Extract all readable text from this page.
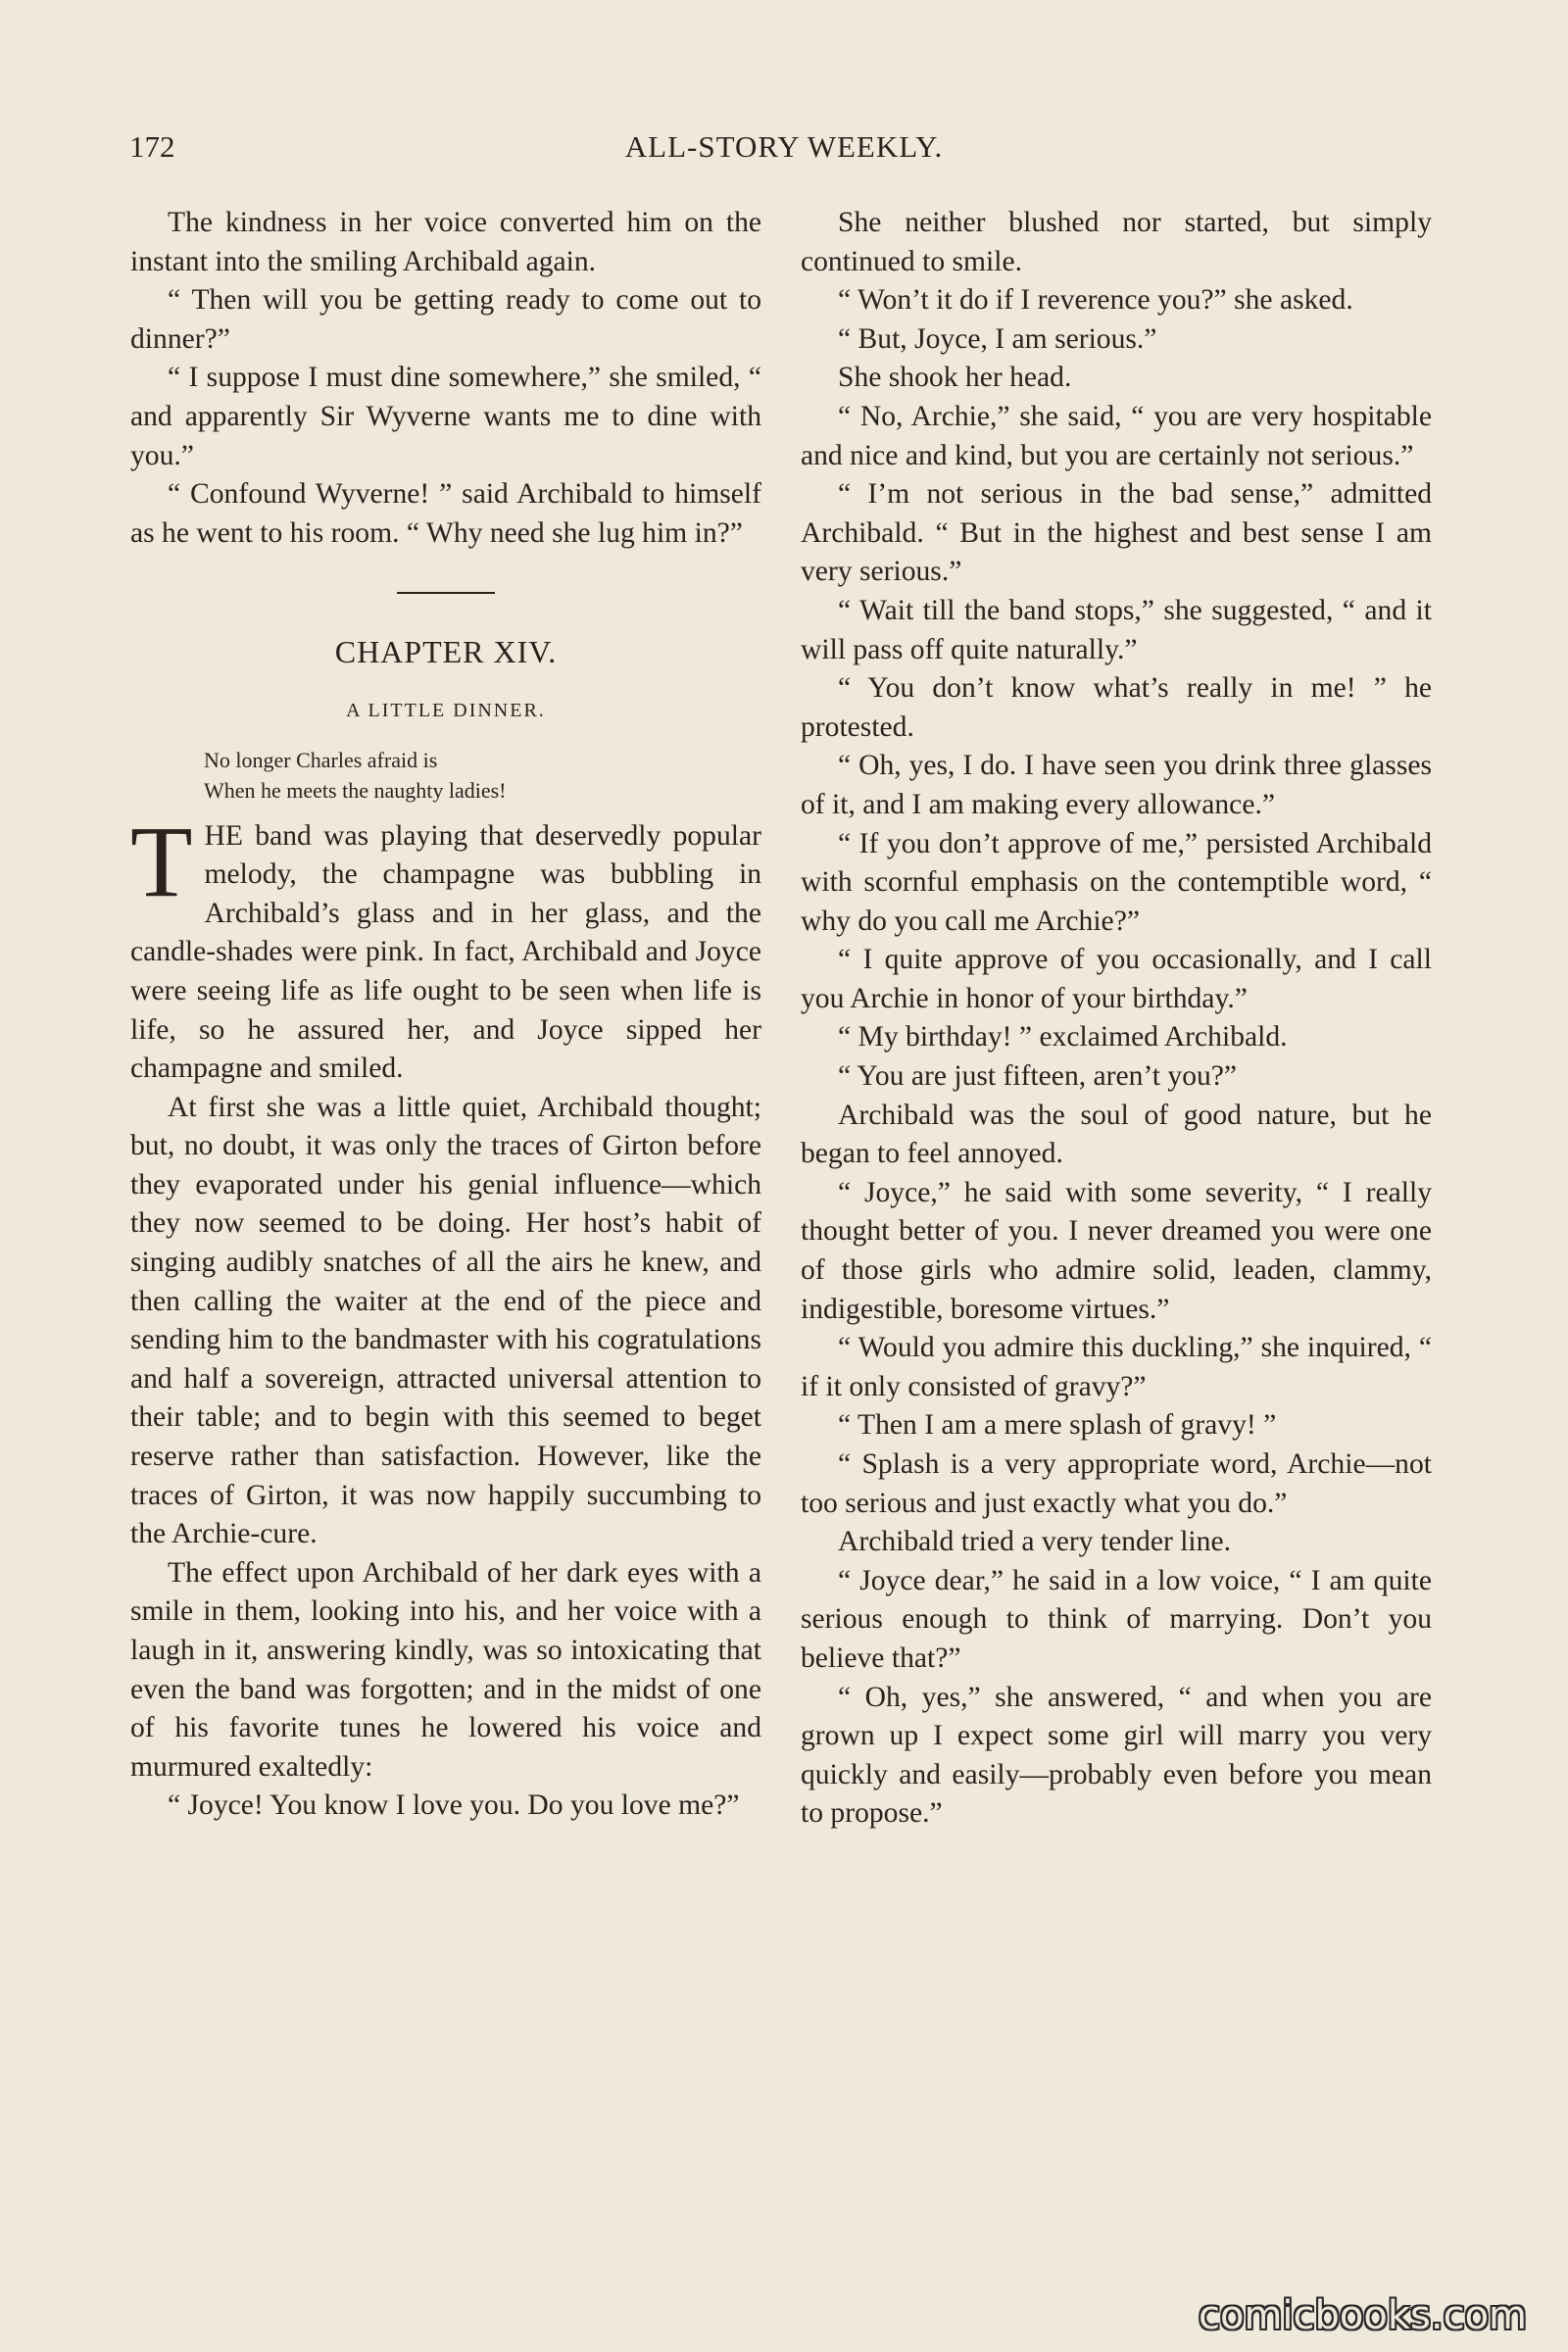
172	ALL-STORY WEEKLY.

The kindness in her voice converted him on the instant into the smiling Archibald again.

“ Then will you be getting ready to come out to dinner?”

“ I suppose I must dine somewhere,” she smiled, “ and apparently Sir Wyverne wants me to dine with you.”

“ Confound Wyverne! ” said Archibald to himself as he went to his room. “ Why need she lug him in?”

CHAPTER XIV.
A LITTLE DINNER.
No longer Charles afraid is
When he meets the naughty ladies!

THE band was playing that deservedly popular melody, the champagne was bubbling in Archibald’s glass and in her glass, and the candle-shades were pink. In fact, Archibald and Joyce were seeing life as life ought to be seen when life is life, so he assured her, and Joyce sipped her champagne and smiled.

At first she was a little quiet, Archibald thought; but, no doubt, it was only the traces of Girton before they evaporated under his genial influence—which they now seemed to be doing. Her host’s habit of singing audibly snatches of all the airs he knew, and then calling the waiter at the end of the piece and sending him to the bandmaster with his cogratulations and half a sovereign, attracted universal attention to their table; and to begin with this seemed to beget reserve rather than satisfaction. However, like the traces of Girton, it was now happily succumbing to the Archie-cure.

The effect upon Archibald of her dark eyes with a smile in them, looking into his, and her voice with a laugh in it, answering kindly, was so intoxicating that even the band was forgotten; and in the midst of one of his favorite tunes he lowered his voice and murmured exaltedly:

“ Joyce! You know I love you. Do you love me?”

She neither blushed nor started, but simply continued to smile.

“ Won’t it do if I reverence you?” she asked.

“ But, Joyce, I am serious.”

She shook her head.

“ No, Archie,” she said, “ you are very hospitable and nice and kind, but you are certainly not serious.”

“ I’m not serious in the bad sense,” admitted Archibald. “ But in the highest and best sense I am very serious.”

“ Wait till the band stops,” she suggested, “ and it will pass off quite naturally.”

“ You don’t know what’s really in me! ” he protested.

“ Oh, yes, I do. I have seen you drink three glasses of it, and I am making every allowance.”

“ If you don’t approve of me,” persisted Archibald with scornful emphasis on the contemptible word, “ why do you call me Archie?”

“ I quite approve of you occasionally, and I call you Archie in honor of your birthday.”

“ My birthday! ” exclaimed Archibald.

“ You are just fifteen, aren’t you?”

Archibald was the soul of good nature, but he began to feel annoyed.

“ Joyce,” he said with some severity, “ I really thought better of you. I never dreamed you were one of those girls who admire solid, leaden, clammy, indigestible, boresome virtues.”

“ Would you admire this duckling,” she inquired, “ if it only consisted of gravy?”

“ Then I am a mere splash of gravy! ”

“ Splash is a very appropriate word, Archie—not too serious and just exactly what you do.”

Archibald tried a very tender line.

“ Joyce dear,” he said in a low voice, “ I am quite serious enough to think of marrying. Don’t you believe that?”

“ Oh, yes,” she answered, “ and when you are grown up I expect some girl will marry you very quickly and easily—probably even before you mean to propose.”

comicbooks.com
